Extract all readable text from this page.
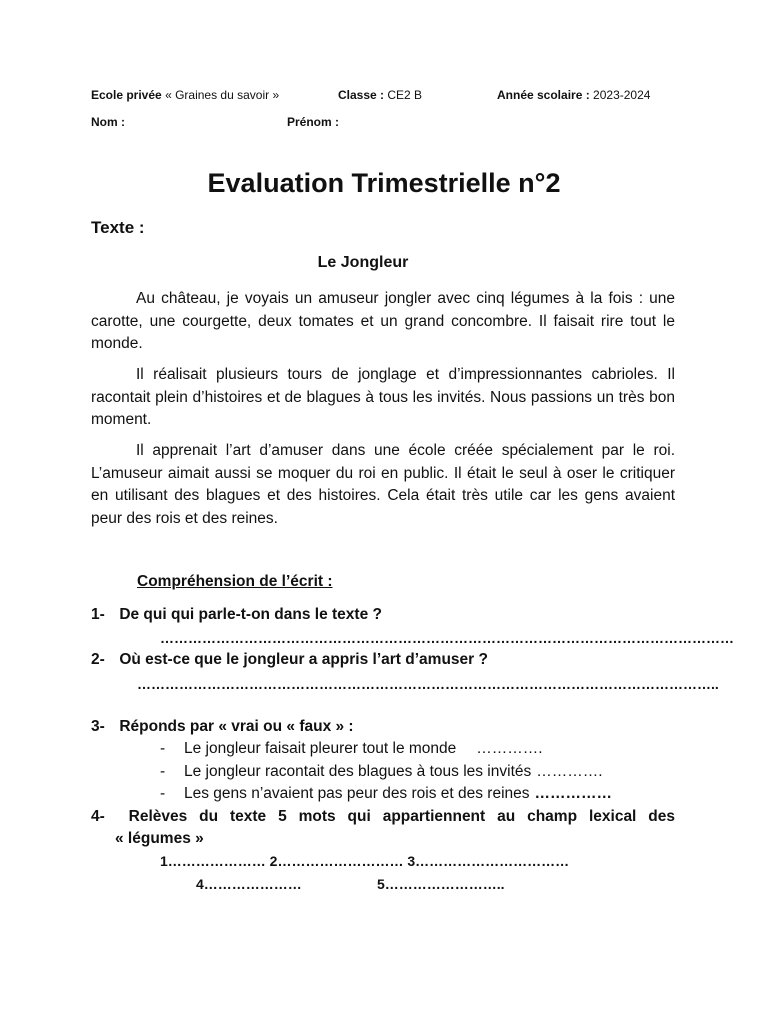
Ecole privée « Graines du savoir »	Classe : CE2 B	Année scolaire : 2023-2024
Nom :	Prénom :
Evaluation Trimestrielle n°2
Texte :
Le Jongleur
Au château, je voyais un amuseur jongler avec cinq légumes à la fois : une carotte, une courgette, deux tomates et un grand concombre. Il faisait rire tout le monde.
Il réalisait plusieurs tours de jonglage et d’impressionnantes cabrioles. Il racontait plein d’histoires et de blagues à tous les invités. Nous passions un très bon moment.
Il apprenait l’art d’amuser dans une école créée spécialement par le roi. L’amuseur aimait aussi se moquer du roi en public. Il était le seul à oser le critiquer en utilisant des blagues et des histoires. Cela était très utile car les gens avaient peur des rois et des reines.
Compréhension de l’écrit :
1- De qui qui parle-t-on dans le texte ?
……………………………………………………………………………………………………………
2- Où est-ce que le jongleur a appris l’art d’amuser ?
……………………………………………………………………………………………………………..
3- Réponds par « vrai ou « faux » :
- Le jongleur faisait pleurer tout le monde ………….
- Le jongleur racontait des blagues à tous les invités ………….
- Les gens n’avaient pas peur des rois et des reines ……………
4- Relèves du texte 5 mots qui appartiennent au champ lexical des
« légumes »
1………………… 2……………………… 3……………………………
4…………………	5……………………..
